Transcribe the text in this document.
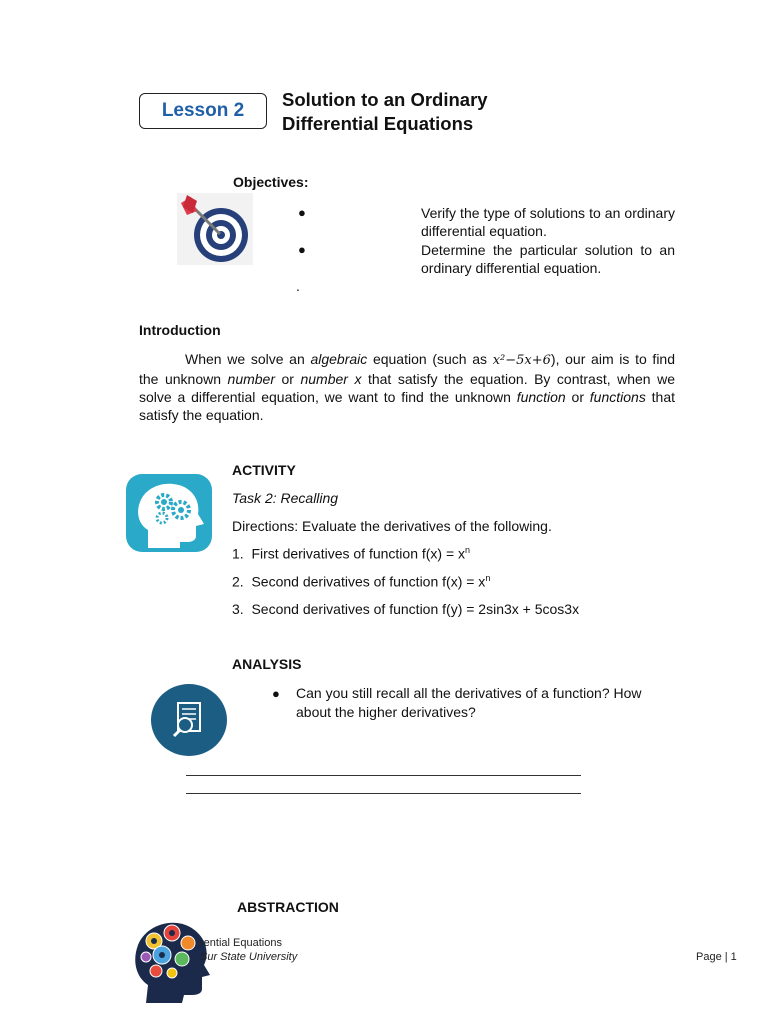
Lesson 2
Solution to an Ordinary
Differential Equations
Objectives:
●	Verify the type of solutions to an ordinary differential equation.
●	Determine the particular solution to an ordinary differential equation.
.
Introduction
When we solve an algebraic equation (such as x²−5x+6), our aim is to find the unknown number or number x that satisfy the equation. By contrast, when we solve a differential equation, we want to find the unknown function or functions that satisfy the equation.
ACTIVITY
Task 2: Recalling
Directions: Evaluate the derivatives of the following.
1. First derivatives of function $f(x) = x^n$
2. Second derivatives of function $f(x) = x^n$
3. Second derivatives of function f(y) = 2sin3x + 5cos3x
ANALYSIS
● Can you still recall all the derivatives of a function? How about the higher derivatives?
ABSTRACTION
rential Equations
Sur State University	Page | 1
